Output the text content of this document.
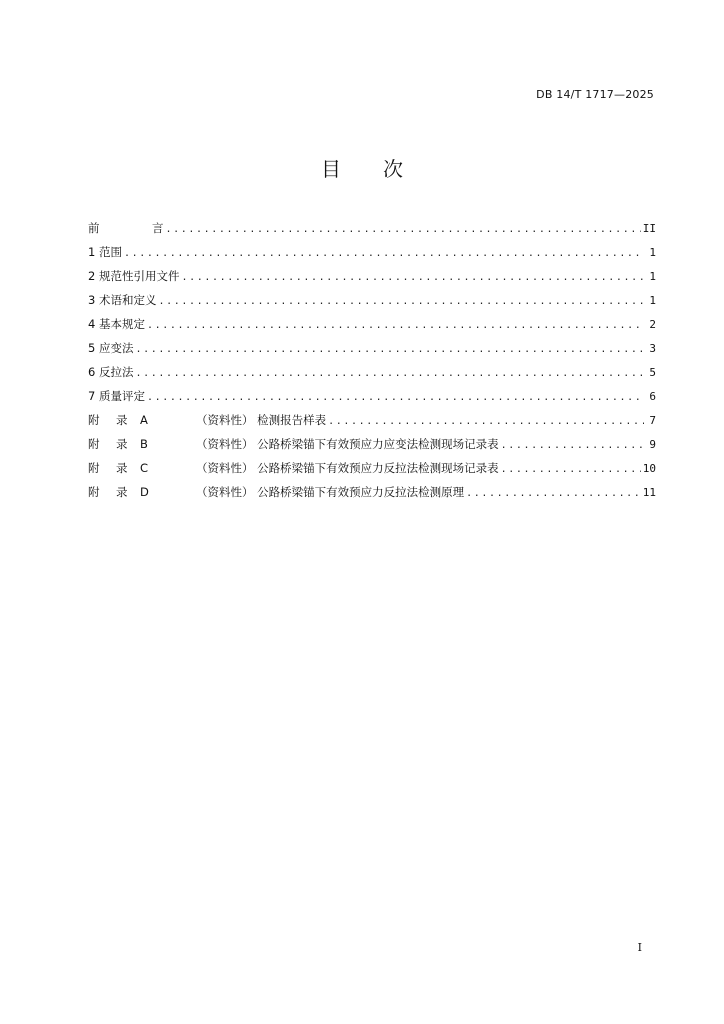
DB 14/T 1717—2025
目 次
前	言 .....	II
1 范围 .....	1
2 规范性引用文件 .....	1
3 术语和定义 .....	1
4 基本规定 .....	2
5 应变法 .....	3
6 反拉法 .....	5
7 质量评定 .....	6
附 录 A	（资料性） 检测报告样表 .....	7
附 录 B	（资料性） 公路桥梁锚下有效预应力应变法检测现场记录表 .....	9
附 录 C	（资料性） 公路桥梁锚下有效预应力反拉法检测现场记录表 .....	10
附 录 D	（资料性） 公路桥梁锚下有效预应力反拉法检测原理 .....	11
I
